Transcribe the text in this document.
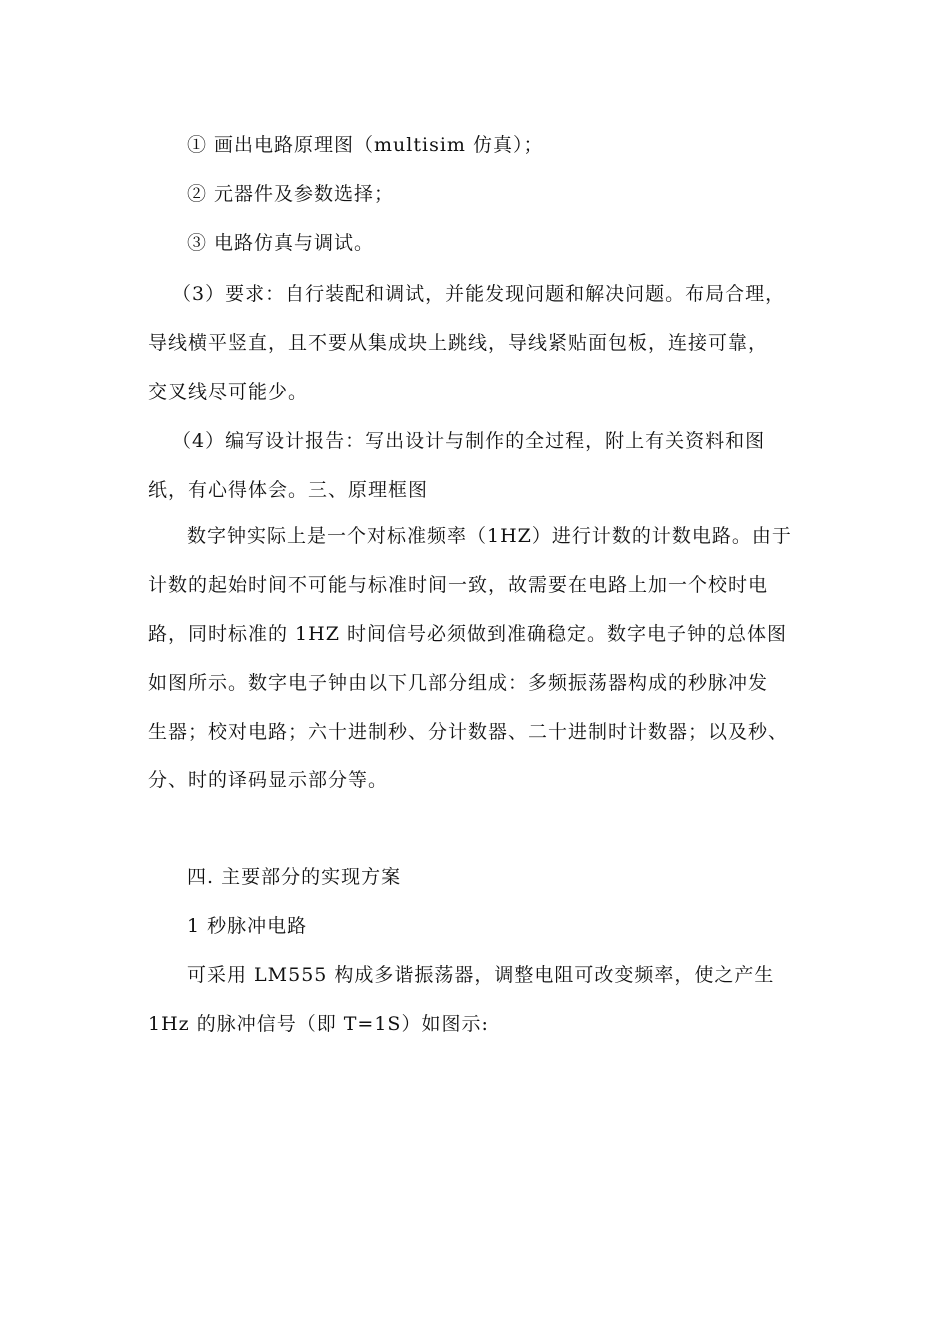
① 画出电路原理图（multisim 仿真）；
② 元器件及参数选择；
③ 电路仿真与调试。
（3）要求：自行装配和调试，并能发现问题和解决问题。布局合理，
导线横平竖直，且不要从集成块上跳线，导线紧贴面包板，连接可靠，
交叉线尽可能少。
（4）编写设计报告：写出设计与制作的全过程，附上有关资料和图
纸，有心得体会。三、原理框图
数字钟实际上是一个对标准频率（1HZ）进行计数的计数电路。由于
计数的起始时间不可能与标准时间一致，故需要在电路上加一个校时电
路，同时标准的 1HZ 时间信号必须做到准确稳定。数字电子钟的总体图
如图所示。数字电子钟由以下几部分组成：多频振荡器构成的秒脉冲发
生器；校对电路；六十进制秒、分计数器、二十进制时计数器；以及秒、
分、时的译码显示部分等。
四. 主要部分的实现方案
1 秒脉冲电路
可采用 LM555 构成多谐振荡器，调整电阻可改变频率，使之产生
1Hz 的脉冲信号（即 T=1S）如图示:
